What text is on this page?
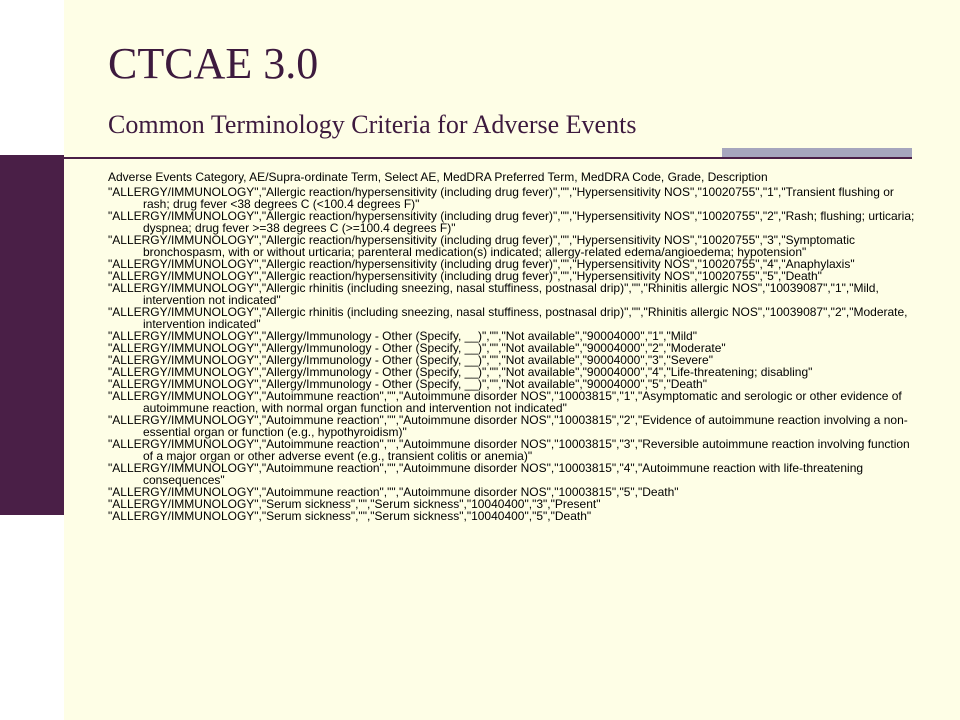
CTCAE 3.0
Common Terminology Criteria for Adverse Events

Adverse Events Category, AE/Supra-ordinate Term, Select AE, MedDRA Preferred Term, MedDRA Code, Grade, Description

"ALLERGY/IMMUNOLOGY","Allergic reaction/hypersensitivity (including drug fever)","","Hypersensitivity NOS","10020755","1","Transient flushing or rash; drug fever <38 degrees C (<100.4 degrees F)"
"ALLERGY/IMMUNOLOGY","Allergic reaction/hypersensitivity (including drug fever)","","Hypersensitivity NOS","10020755","2","Rash; flushing; urticaria; dyspnea; drug fever >=38 degrees C (>=100.4 degrees F)"
"ALLERGY/IMMUNOLOGY","Allergic reaction/hypersensitivity (including drug fever)","","Hypersensitivity NOS","10020755","3","Symptomatic bronchospasm, with or without urticaria; parenteral medication(s) indicated; allergy-related edema/angioedema; hypotension"
"ALLERGY/IMMUNOLOGY","Allergic reaction/hypersensitivity (including drug fever)","","Hypersensitivity NOS","10020755","4","Anaphylaxis"
"ALLERGY/IMMUNOLOGY","Allergic reaction/hypersensitivity (including drug fever)","","Hypersensitivity NOS","10020755","5","Death"
"ALLERGY/IMMUNOLOGY","Allergic rhinitis (including sneezing, nasal stuffiness, postnasal drip)","","Rhinitis allergic NOS","10039087","1","Mild, intervention not indicated"
"ALLERGY/IMMUNOLOGY","Allergic rhinitis (including sneezing, nasal stuffiness, postnasal drip)","","Rhinitis allergic NOS","10039087","2","Moderate, intervention indicated"
"ALLERGY/IMMUNOLOGY","Allergy/Immunology - Other (Specify, __)","","Not available","90004000","1","Mild"
"ALLERGY/IMMUNOLOGY","Allergy/Immunology - Other (Specify, __)","","Not available","90004000","2","Moderate"
"ALLERGY/IMMUNOLOGY","Allergy/Immunology - Other (Specify, __)","","Not available","90004000","3","Severe"
"ALLERGY/IMMUNOLOGY","Allergy/Immunology - Other (Specify, __)","","Not available","90004000","4","Life-threatening; disabling"
"ALLERGY/IMMUNOLOGY","Allergy/Immunology - Other (Specify, __)","","Not available","90004000","5","Death"
"ALLERGY/IMMUNOLOGY","Autoimmune reaction","","Autoimmune disorder NOS","10003815","1","Asymptomatic and serologic or other evidence of autoimmune reaction, with normal organ function and intervention not indicated"
"ALLERGY/IMMUNOLOGY","Autoimmune reaction","","Autoimmune disorder NOS","10003815","2","Evidence of autoimmune reaction involving a non-essential organ or function (e.g., hypothyroidism)"
"ALLERGY/IMMUNOLOGY","Autoimmune reaction","","Autoimmune disorder NOS","10003815","3","Reversible autoimmune reaction involving function of a major organ or other adverse event (e.g., transient colitis or anemia)"
"ALLERGY/IMMUNOLOGY","Autoimmune reaction","","Autoimmune disorder NOS","10003815","4","Autoimmune reaction with life-threatening consequences"
"ALLERGY/IMMUNOLOGY","Autoimmune reaction","","Autoimmune disorder NOS","10003815","5","Death"
"ALLERGY/IMMUNOLOGY","Serum sickness","","Serum sickness","10040400","3","Present"
"ALLERGY/IMMUNOLOGY","Serum sickness","","Serum sickness","10040400","5","Death"
